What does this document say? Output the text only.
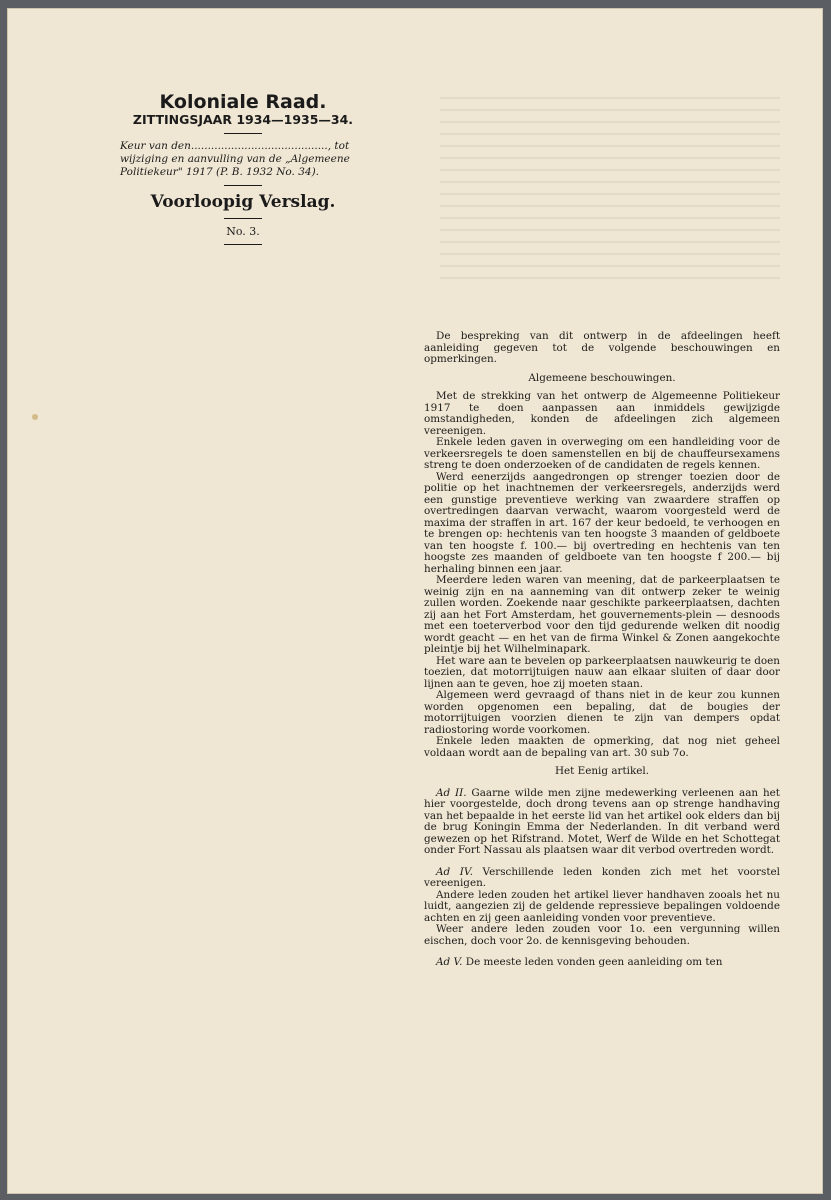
Koloniale Raad.
ZITTINGSJAAR 1934—1935—34.
Keur van den........................................., tot wijziging en aanvulling van de „Algemeene Politiekeur" 1917 (P. B. 1932 No. 34).
Voorloopig Verslag.
No. 3.

De bespreking van dit ontwerp in de afdeelingen heeft aanleiding gegeven tot de volgende beschouwingen en opmerkingen.

Algemeene beschouwingen.

Met de strekking van het ontwerp de Algemeenne Politiekeur 1917 te doen aanpassen aan inmiddels gewijzigde omstandigheden, konden de afdeelingen zich algemeen vereenigen.

Enkele leden gaven in overweging om een handleiding voor de verkeersregels te doen samenstellen en bij de chauffeursexamens streng te doen onderzoeken of de candidaten de regels kennen.

Werd eenerzijds aangedrongen op strenger toezien door de politie op het inachtnemen der verkeersregels, anderzijds werd een gunstige preventieve werking van zwaardere straffen op overtredingen daarvan verwacht, waarom voorgesteld werd de maxima der straffen in art. 167 der keur bedoeld, te verhoogen en te brengen op: hechtenis van ten hoogste 3 maanden of geldboete van ten hoogste f. 100.— bij overtreding en hechtenis van ten hoogste zes maanden of geldboete van ten hoogste f 200.— bij herhaling binnen een jaar.

Meerdere leden waren van meening, dat de parkeerplaatsen te weinig zijn en na aanneming van dit ontwerp zeker te weinig zullen worden. Zoekende naar geschikte parkeerplaatsen, dachten zij aan het Fort Amsterdam, het gouvernements-plein — desnoods met een toeterverbod voor den tijd gedurende welken dit noodig wordt geacht — en het van de firma Winkel & Zonen aangekochte pleintje bij het Wilhelminapark.

Het ware aan te bevelen op parkeerplaatsen nauwkeurig te doen toezien, dat motorrijtuigen nauw aan elkaar sluiten of daar door lijnen aan te geven, hoe zij moeten staan.

Algemeen werd gevraagd of thans niet in de keur zou kunnen worden opgenomen een bepaling, dat de bougies der motorrijtuigen voorzien dienen te zijn van dempers opdat radiostoring worde voorkomen.

Enkele leden maakten de opmerking, dat nog niet geheel voldaan wordt aan de bepaling van art. 30 sub 7o.

Het Eenig artikel.

Ad II. Gaarne wilde men zijne medewerking verleenen aan het hier voorgestelde, doch drong tevens aan op strenge handhaving van het bepaalde in het eerste lid van het artikel ook elders dan bij de brug Koningin Emma der Nederlanden. In dit verband werd gewezen op het Rifstrand. Motet, Werf de Wilde en het Schottegat onder Fort Nassau als plaatsen waar dit verbod overtreden wordt.

Ad IV. Verschillende leden konden zich met het voorstel vereenigen.

Andere leden zouden het artikel liever handhaven zooals het nu luidt, aangezien zij de geldende repressieve bepalingen voldoende achten en zij geen aanleiding vonden voor preventieve.

Weer andere leden zouden voor 1o. een vergunning willen eischen, doch voor 2o. de kennisgeving behouden.

Ad V. De meeste leden vonden geen aanleiding om ten
